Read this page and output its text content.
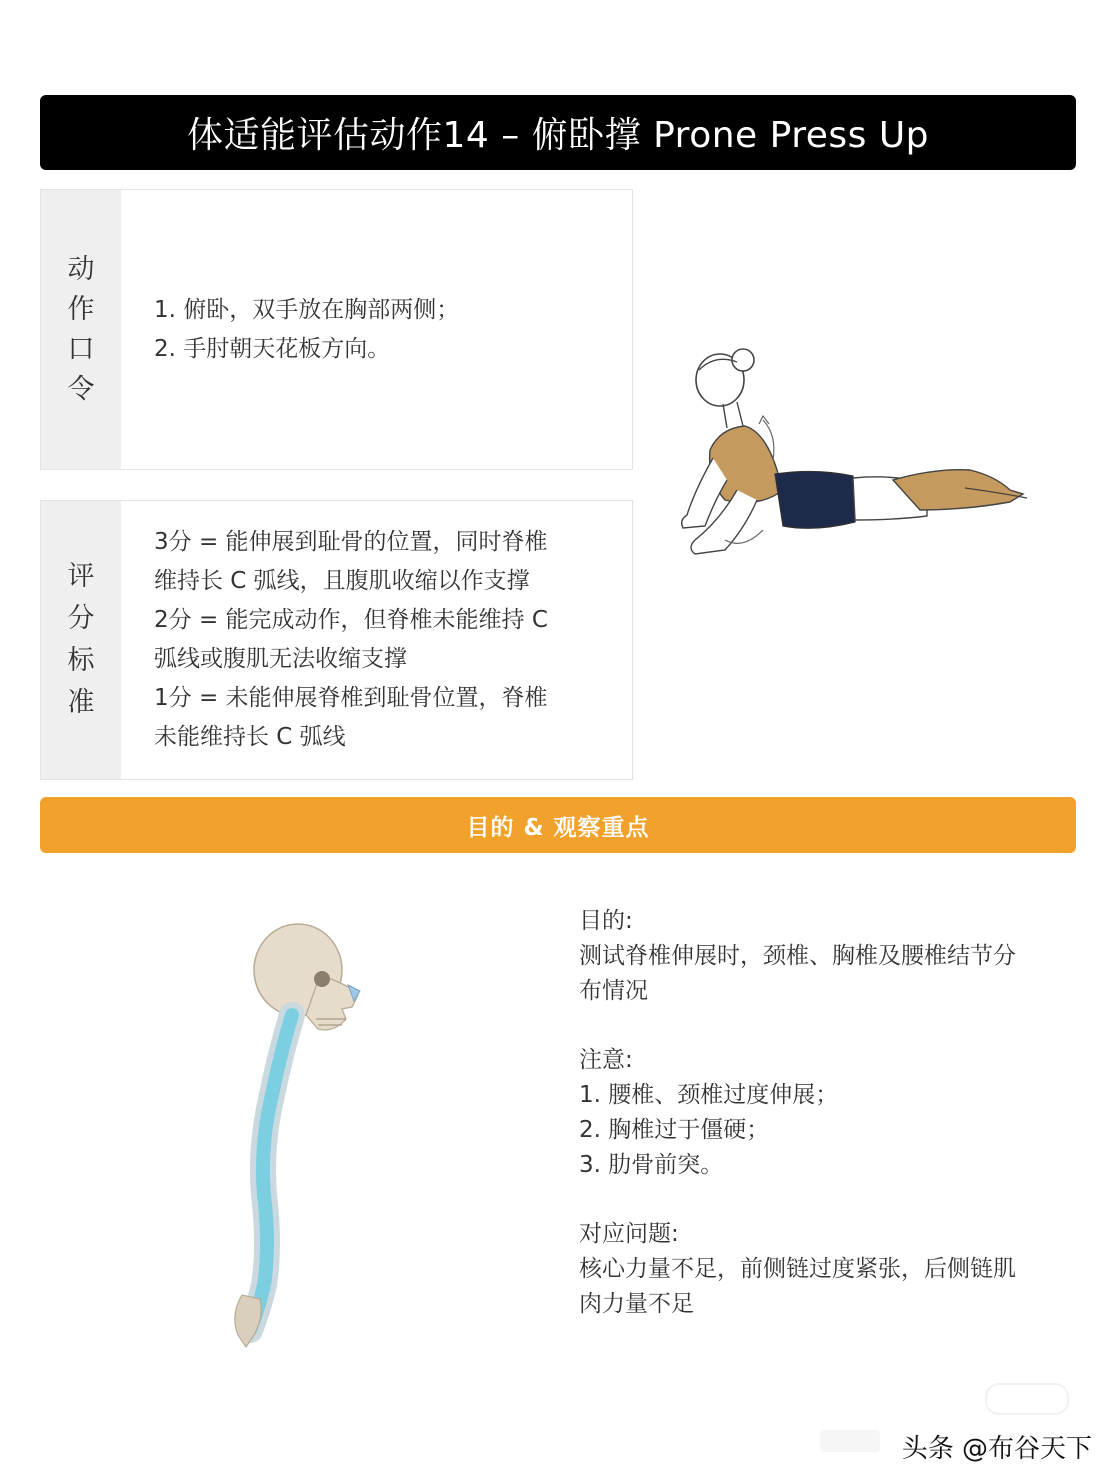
体适能评估动作14 – 俯卧撑 Prone Press Up
动
作
口
令
1. 俯卧，双手放在胸部两侧；
2. 手肘朝天花板方向。
评
分
标
准
3分 = 能伸展到耻骨的位置，同时脊椎
维持长 C 弧线，且腹肌收缩以作支撑
2分 = 能完成动作，但脊椎未能维持 C
弧线或腹肌无法收缩支撑
1分 = 未能伸展脊椎到耻骨位置，脊椎
未能维持长 C 弧线
目的 & 观察重点
目的:
测试脊椎伸展时，颈椎、胸椎及腰椎结节分
布情况
注意:
1. 腰椎、颈椎过度伸展；
2. 胸椎过于僵硬；
3. 肋骨前突。
对应问题:
核心力量不足，前侧链过度紧张，后侧链肌
肉力量不足
头条 @布谷天下
